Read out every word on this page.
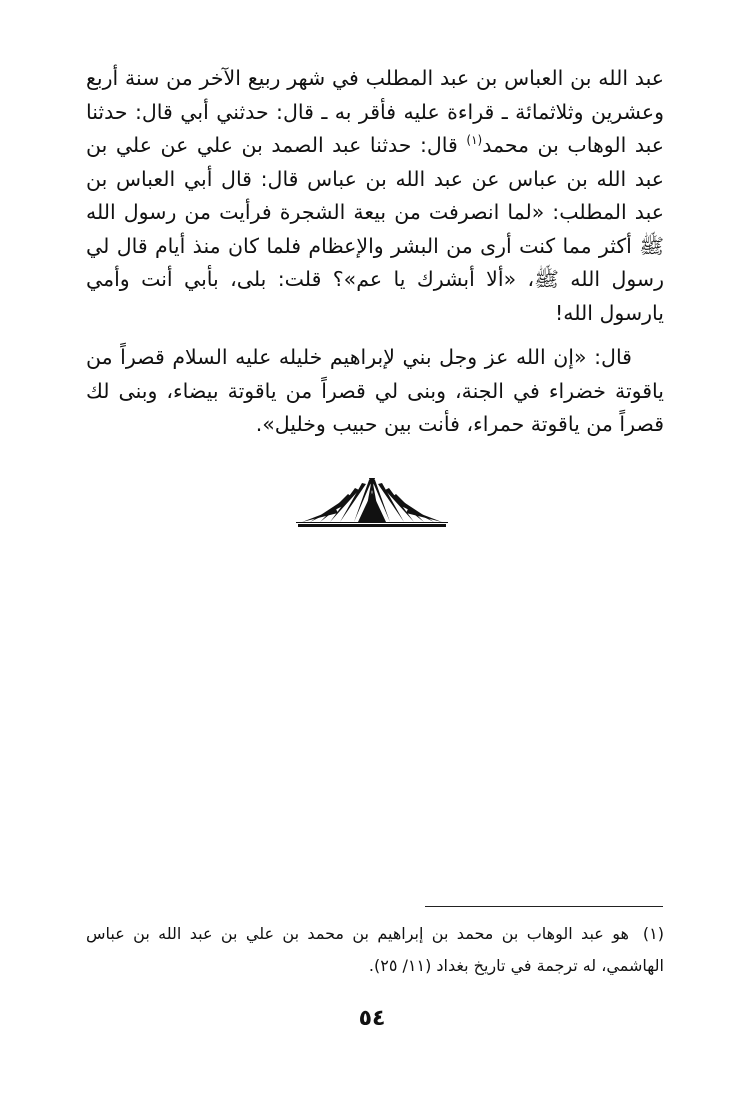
عبد الله بن العباس بن عبد المطلب في شهر ربيع الآخر من سنة أربع وعشرين وثلاثمائة ـ قراءة عليه فأقر به ـ قال: حدثني أبي قال: حدثنا عبد الوهاب بن محمد$^{(١)}$ قال: حدثنا عبد الصمد بن علي عن علي بن عبد الله بن عباس عن عبد الله بن عباس قال: قال أبي العباس بن عبد المطلب: «لما انصرفت من بيعة الشجرة فرأيت من رسول الله ﷺ أكثر مما كنت أرى من البشر والإعظام فلما كان منذ أيام قال لي رسول الله ﷺ، «ألا أبشرك يا عم»؟ قلت: بلى، بأبي أنت وأمي يارسول الله!

قال: «إن الله عز وجل بني لإبراهيم خليله عليه السلام قصراً من ياقوتة خضراء في الجنة، وبنى لي قصراً من ياقوتة بيضاء، وبنى لك قصراً من ياقوتة حمراء، فأنت بين حبيب وخليل».

(١)هو عبد الوهاب بن محمد بن إبراهيم بن محمد بن علي بن عبد الله بن عباس الهاشمي، له ترجمة في تاريخ بغداد (١١/ ٢٥).

٥٤
